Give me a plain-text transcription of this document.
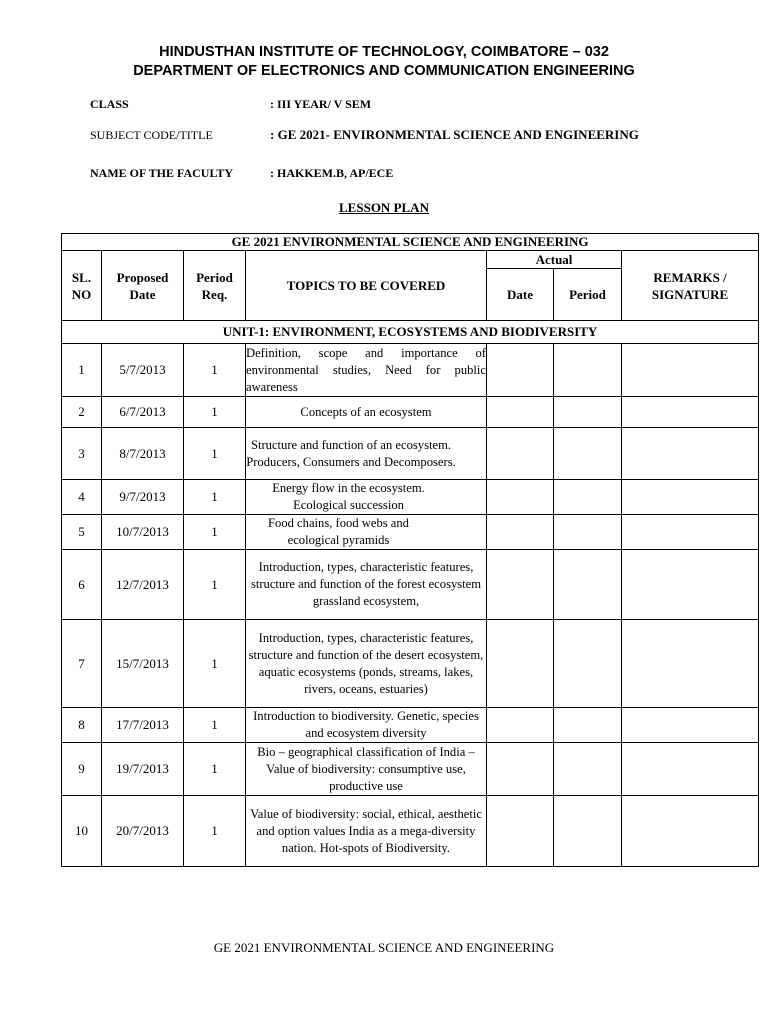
HINDUSTHAN INSTITUTE OF TECHNOLOGY, COIMBATORE – 032
DEPARTMENT OF ELECTRONICS AND COMMUNICATION ENGINEERING
CLASS	: III YEAR/ V SEM
SUBJECT CODE/TITLE	: GE 2021- ENVIRONMENTAL SCIENCE AND ENGINEERING
NAME OF THE FACULTY	: HAKKEM.B, AP/ECE
LESSON PLAN
GE 2021 ENVIRONMENTAL SCIENCE AND ENGINEERING						

SL. NO	Proposed Date	Period Req.	TOPICS TO BE COVERED	Actual		REMARKS / SIGNATURE

				Date	Period	
UNIT-1: ENVIRONMENT, ECOSYSTEMS AND BIODIVERSITY						
1	5/7/2013	1	Definition, scope and importance of environmental studies, Need for public awareness			
2	6/7/2013	1	Concepts of an ecosystem			
3	8/7/2013	1	Structure and function of an ecosystem. Producers, Consumers and Decomposers.			

4	9/7/2013	1	Energy flow in the ecosystem. Ecological succession			

5	10/7/2013	1	Food chains, food webs and ecological pyramids			

6	12/7/2013	1	Introduction, types, characteristic features, structure and function of the forest ecosystem grassland ecosystem,			
7	15/7/2013	1	Introduction, types, characteristic features, structure and function of the desert ecosystem, aquatic ecosystems (ponds, streams, lakes, rivers, oceans, estuaries)			
8	17/7/2013	1	Introduction to biodiversity. Genetic, species and ecosystem diversity			
9	19/7/2013	1	Bio – geographical classification of India – Value of biodiversity: consumptive use, productive use			
10	20/7/2013	1	Value of biodiversity: social, ethical, aesthetic and option values India as a mega-diversity nation. Hot-spots of Biodiversity.			
GE 2021 ENVIRONMENTAL SCIENCE AND ENGINEERING
